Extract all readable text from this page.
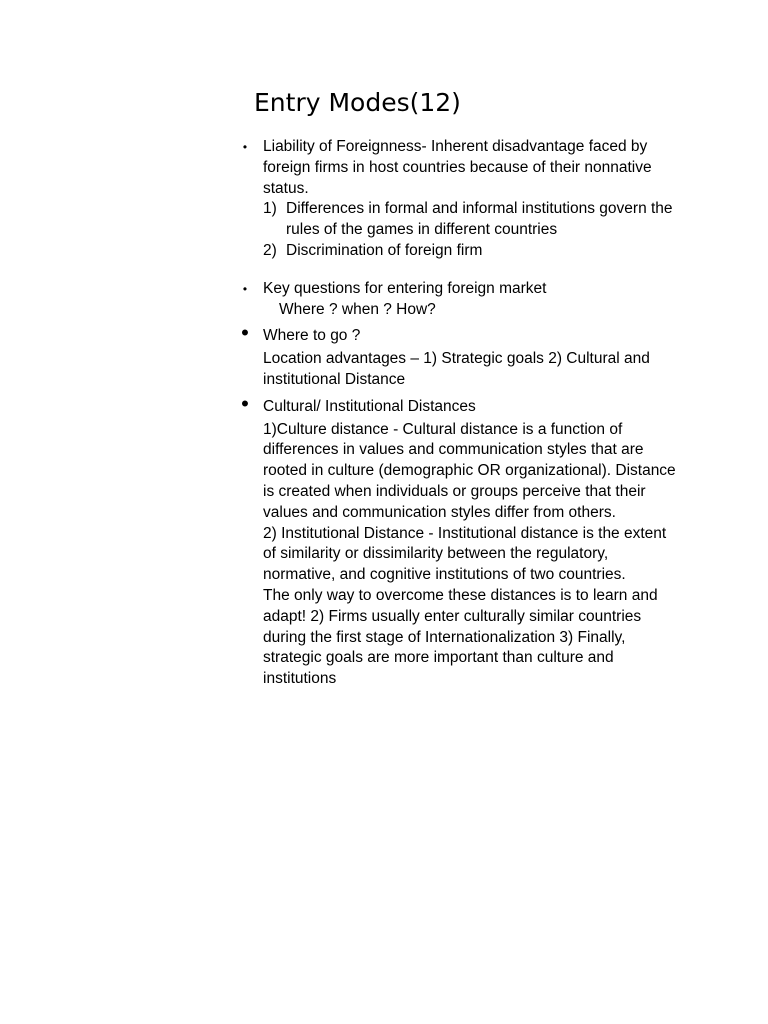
Entry Modes(12)
• Liability of Foreignness- Inherent disadvantage faced by foreign firms in host countries because of their nonnative status.
1) Differences in formal and informal institutions govern the rules of the games in different countries
2) Discrimination of foreign firm
• Key questions for entering foreign market
Where ? when ? How?
• Where to go ?
Location advantages – 1) Strategic goals 2) Cultural and institutional Distance
• Cultural/ Institutional Distances
1)Culture distance - Cultural distance is a function of differences in values and communication styles that are rooted in culture (demographic OR organizational). Distance is created when individuals or groups perceive that their values and communication styles differ from others.
2) Institutional Distance - Institutional distance is the extent of similarity or dissimilarity between the regulatory, normative, and cognitive institutions of two countries.
The only way to overcome these distances is to learn and adapt! 2) Firms usually enter culturally similar countries during the first stage of Internationalization 3) Finally, strategic goals are more important than culture and institutions
